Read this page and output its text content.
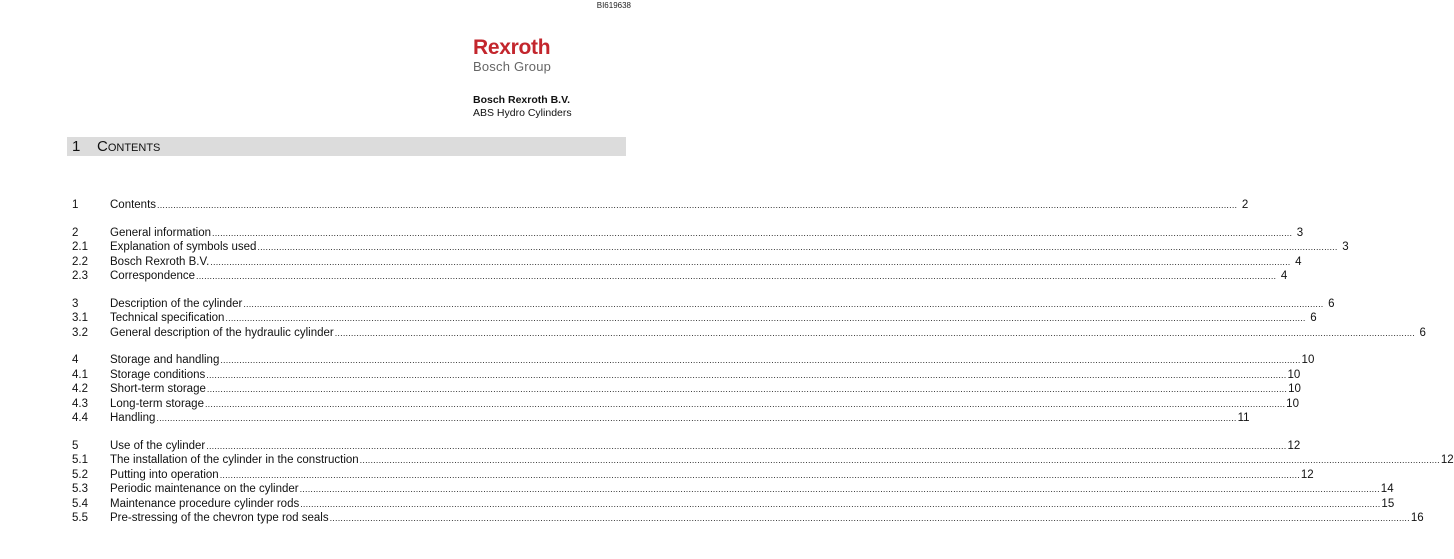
BI619638
Rexroth
Bosch Group
Bosch Rexroth B.V.
ABS Hydro Cylinders
1 Contents
1	Contents ................................................................................................................................................................................................................................................................................................................................................................................................................ 2
2	General information ................................................................................................................................................................................................................................................................................................................................................................................................................ 3
2.1	Explanation of symbols used ................................................................................................................................................................................................................................................................................................................................................................................................................ 3
2.2	Bosch Rexroth B.V. ................................................................................................................................................................................................................................................................................................................................................................................................................ 4
2.3	Correspondence ................................................................................................................................................................................................................................................................................................................................................................................................................ 4
3	Description of the cylinder ................................................................................................................................................................................................................................................................................................................................................................................................................ 6
3.1	Technical specification ................................................................................................................................................................................................................................................................................................................................................................................................................ 6
3.2	General description of the hydraulic cylinder ................................................................................................................................................................................................................................................................................................................................................................................................................ 6
4	Storage and handling ................................................................................................................................................................................................................................................................................................................................................................................................................ 10
4.1	Storage conditions ................................................................................................................................................................................................................................................................................................................................................................................................................ 10
4.2	Short-term storage ................................................................................................................................................................................................................................................................................................................................................................................................................ 10
4.3	Long-term storage ................................................................................................................................................................................................................................................................................................................................................................................................................ 10
4.4	Handling ................................................................................................................................................................................................................................................................................................................................................................................................................ 11
5	Use of the cylinder ................................................................................................................................................................................................................................................................................................................................................................................................................ 12
5.1	The installation of the cylinder in the construction ................................................................................................................................................................................................................................................................................................................................................................................................................ 12
5.2	Putting into operation ................................................................................................................................................................................................................................................................................................................................................................................................................ 12
5.3	Periodic maintenance on the cylinder ................................................................................................................................................................................................................................................................................................................................................................................................................ 14
5.4	Maintenance procedure cylinder rods ................................................................................................................................................................................................................................................................................................................................................................................................................ 15
5.5	Pre-stressing of the chevron type rod seals ................................................................................................................................................................................................................................................................................................................................................................................................................ 16
